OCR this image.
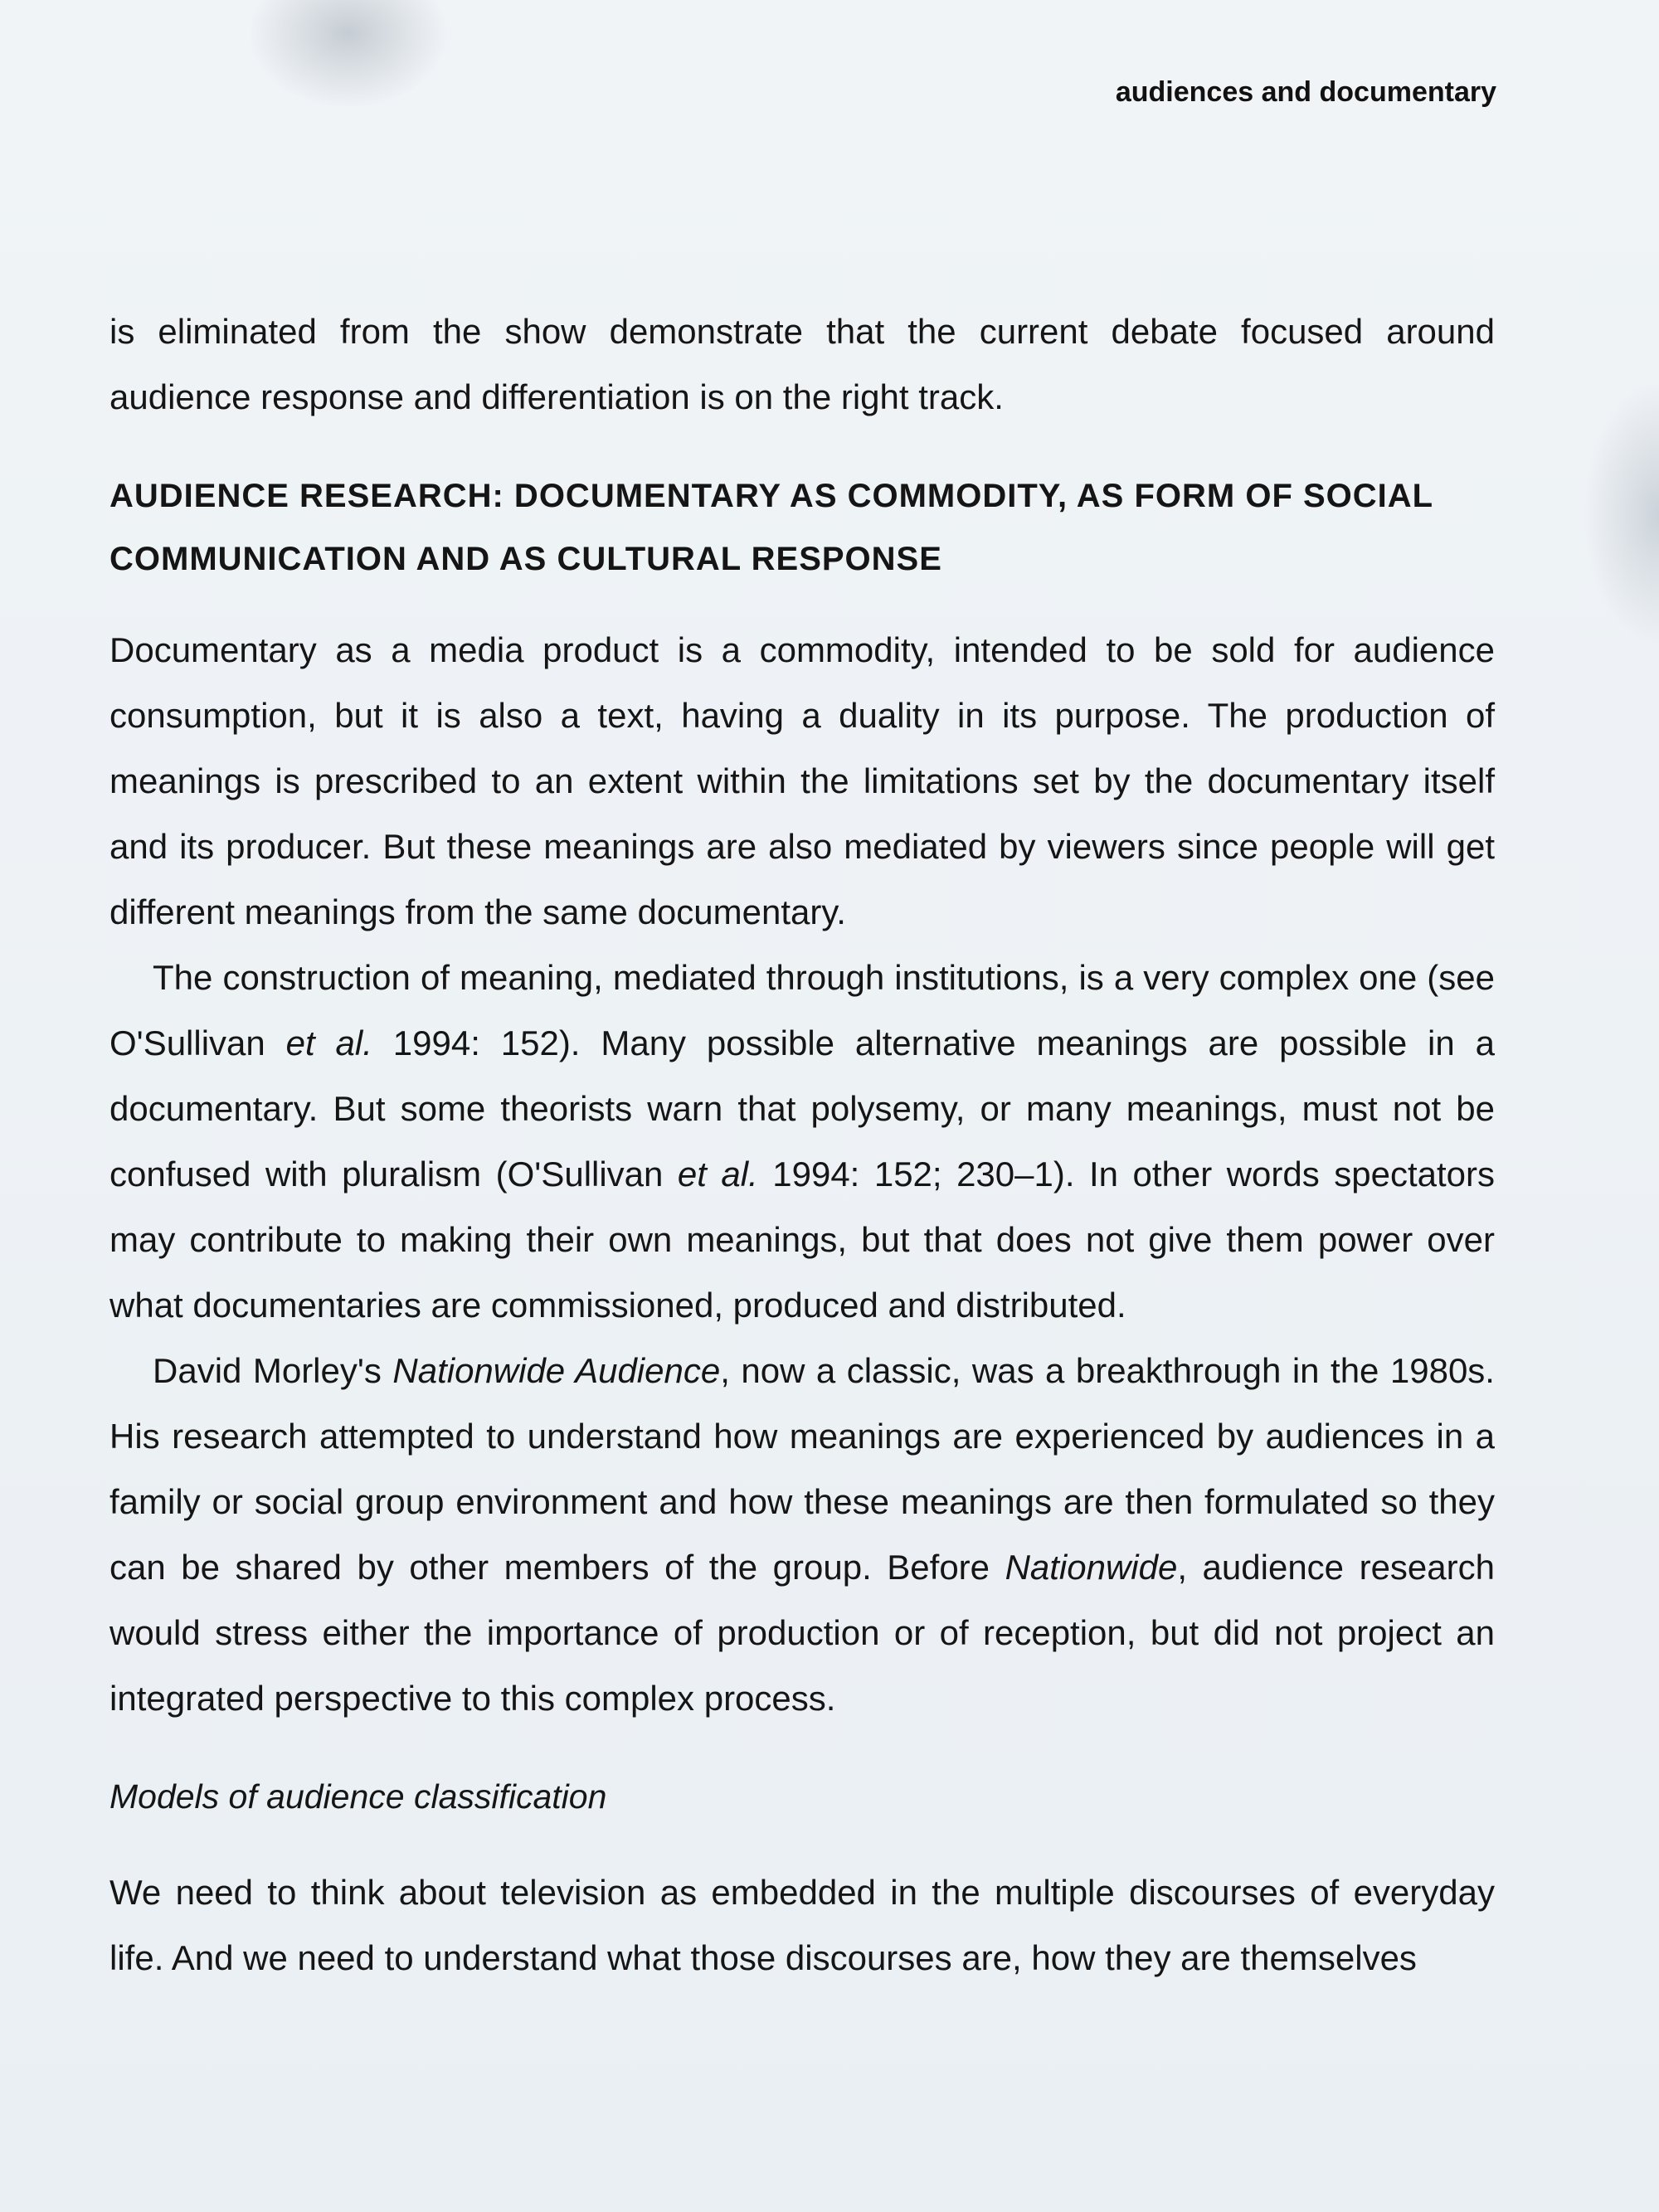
audiences and documentary

is eliminated from the show demonstrate that the current debate focused around audience response and differentiation is on the right track.

AUDIENCE RESEARCH: DOCUMENTARY AS COMMODITY, AS FORM OF SOCIAL COMMUNICATION AND AS CULTURAL RESPONSE

Documentary as a media product is a commodity, intended to be sold for audience consumption, but it is also a text, having a duality in its purpose. The production of meanings is prescribed to an extent within the limitations set by the documentary itself and its producer. But these meanings are also mediated by viewers since people will get different meanings from the same documentary.

The construction of meaning, mediated through institutions, is a very complex one (see O'Sullivan et al. 1994: 152). Many possible alternative meanings are possible in a documentary. But some theorists warn that polysemy, or many meanings, must not be confused with pluralism (O'Sullivan et al. 1994: 152; 230–1). In other words spectators may contribute to making their own meanings, but that does not give them power over what documentaries are commissioned, produced and distributed.

David Morley's Nationwide Audience, now a classic, was a breakthrough in the 1980s. His research attempted to understand how meanings are experienced by audiences in a family or social group environment and how these meanings are then formulated so they can be shared by other members of the group. Before Nationwide, audience research would stress either the importance of production or of reception, but did not project an integrated perspective to this complex process.

Models of audience classification

We need to think about television as embedded in the multiple discourses of everyday life. And we need to understand what those discourses are, how they are themselves
